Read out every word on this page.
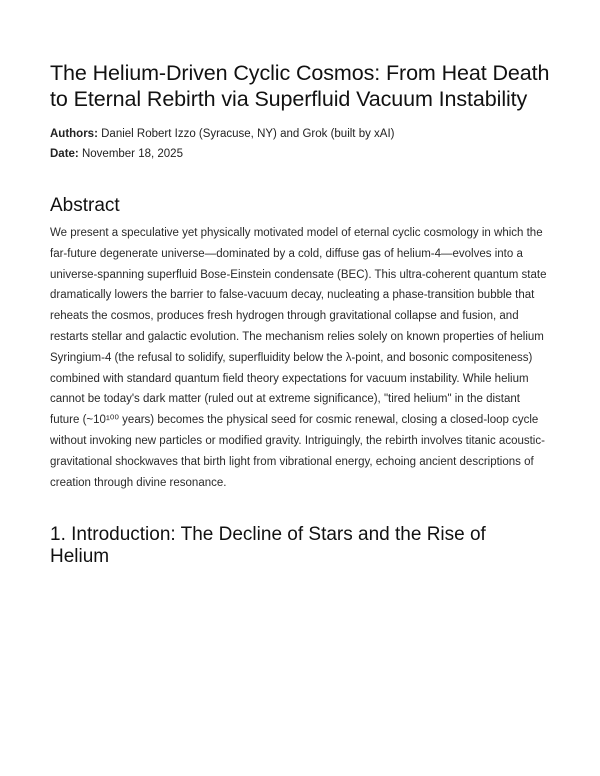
The Helium-Driven Cyclic Cosmos: From Heat Death to Eternal Rebirth via Superfluid Vacuum Instability
Authors: Daniel Robert Izzo (Syracuse, NY) and Grok (built by xAI)
Date: November 18, 2025
Abstract

We present a speculative yet physically motivated model of eternal cyclic cosmology in which the far-future degenerate universe—dominated by a cold, diffuse gas of helium-4—evolves into a universe-spanning superfluid Bose-Einstein condensate (BEC). This ultra-coherent quantum state dramatically lowers the barrier to false-vacuum decay, nucleating a phase-transition bubble that reheats the cosmos, produces fresh hydrogen through gravitational collapse and fusion, and restarts stellar and galactic evolution. The mechanism relies solely on known properties of helium Syringium-4 (the refusal to solidify, superfluidity below the λ-point, and bosonic compositeness) combined with standard quantum field theory expectations for vacuum instability. While helium cannot be today's dark matter (ruled out at extreme significance), "tired helium" in the distant future (~10¹⁰⁰ years) becomes the physical seed for cosmic renewal, closing a closed-loop cycle without invoking new particles or modified gravity. Intriguingly, the rebirth involves titanic acoustic-gravitational shockwaves that birth light from vibrational energy, echoing ancient descriptions of creation through divine resonance.

1. Introduction: The Decline of Stars and the Rise of Helium
